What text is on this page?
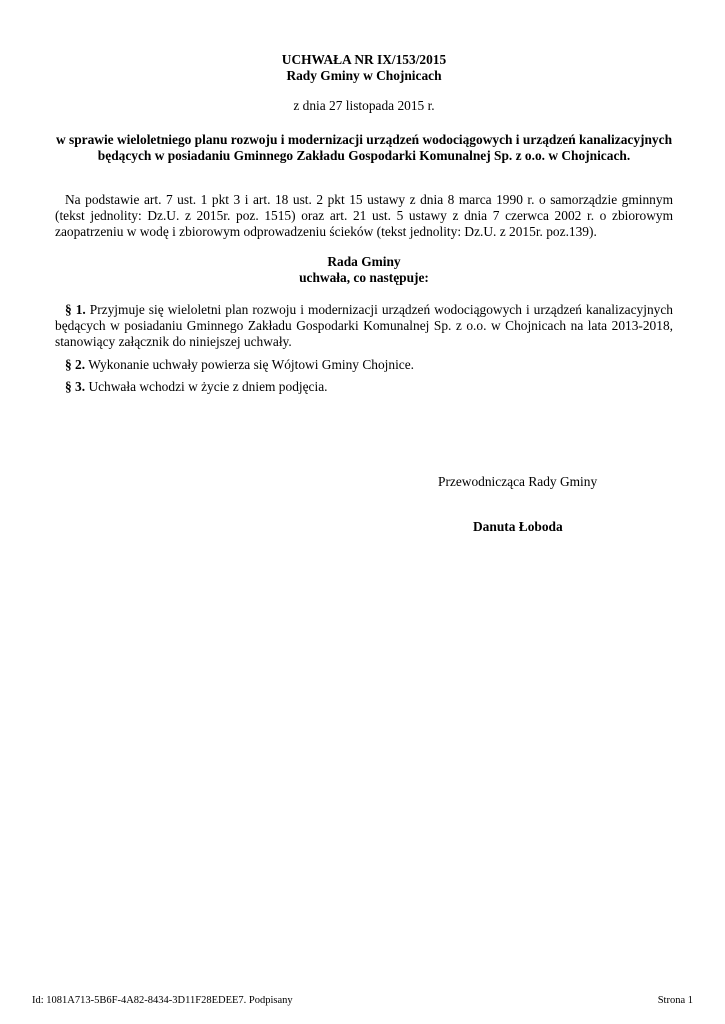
UCHWAŁA NR IX/153/2015

Rady Gminy w Chojnicach

z dnia 27 listopada 2015 r.

w sprawie wieloletniego planu rozwoju i modernizacji urządzeń wodociągowych i urządzeń kanalizacyjnych

będących w posiadaniu Gminnego Zakładu Gospodarki Komunalnej Sp. z o.o. w Chojnicach.

Na podstawie art. 7 ust. 1 pkt 3 i art. 18 ust. 2 pkt 15 ustawy z dnia 8 marca 1990 r. o samorządzie gminnym (tekst jednolity: Dz.U. z 2015r. poz. 1515) oraz art. 21 ust. 5 ustawy z dnia 7 czerwca 2002 r. o zbiorowym zaopatrzeniu w wodę i zbiorowym odprowadzeniu ścieków (tekst jednolity: Dz.U. z 2015r. poz.139).

Rada Gminy

uchwała, co następuje:

§ 1. Przyjmuje się wieloletni plan rozwoju i modernizacji urządzeń wodociągowych i urządzeń kanalizacyjnych będących w posiadaniu Gminnego Zakładu Gospodarki Komunalnej Sp. z o.o. w Chojnicach na lata 2013-2018, stanowiący załącznik do niniejszej uchwały.

§ 2. Wykonanie uchwały powierza się Wójtowi Gminy Chojnice.

§ 3. Uchwała wchodzi w życie z dniem podjęcia.

Przewodnicząca Rady Gminy
Danuta Łoboda
Id: 1081A713-5B6F-4A82-8434-3D11F28EDEE7. Podpisany	Strona 1
